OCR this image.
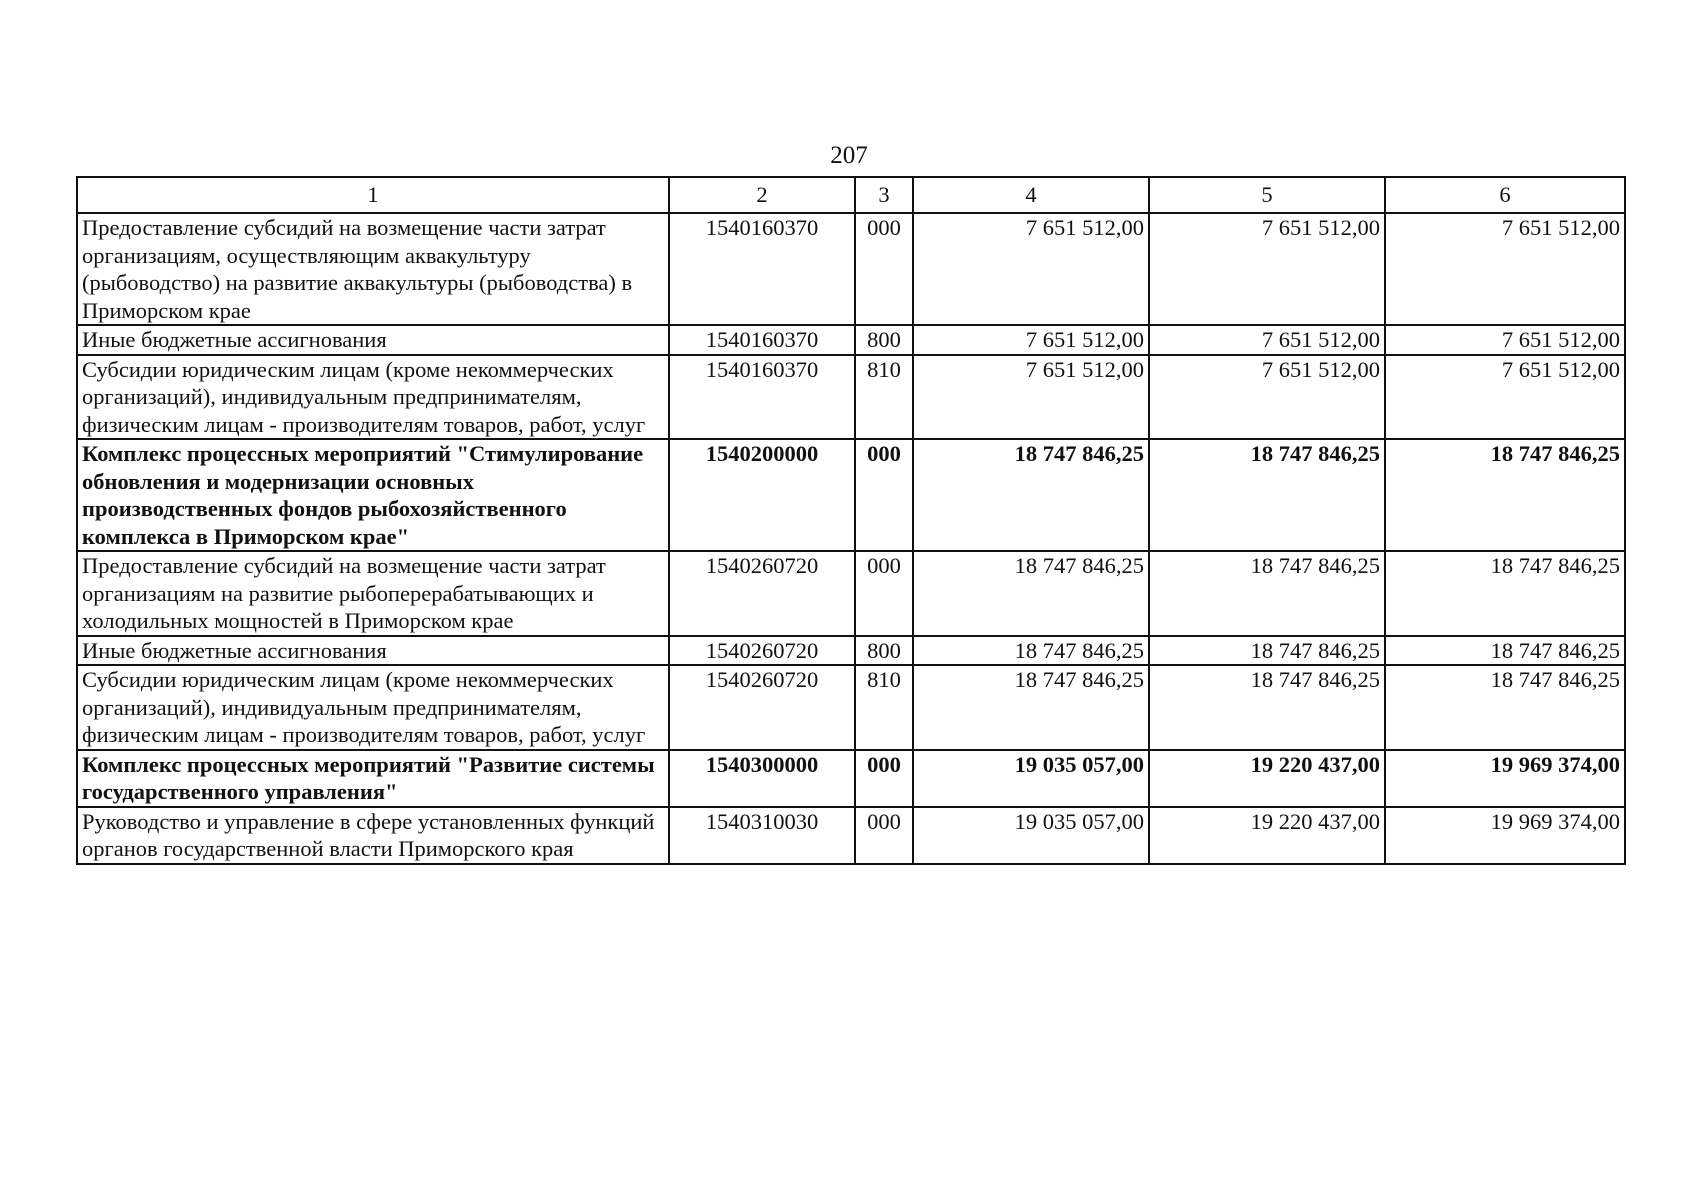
207
1	2	3	4	5	6
Предоставление субсидий на возмещение части затрат организациям, осуществляющим аквакультуру (рыбоводство) на развитие аквакультуры (рыбоводства) в Приморском крае	1540160370	000	7 651 512,00	7 651 512,00	7 651 512,00
Иные бюджетные ассигнования	1540160370	800	7 651 512,00	7 651 512,00	7 651 512,00
Субсидии юридическим лицам (кроме некоммерческих организаций), индивидуальным предпринимателям, физическим лицам - производителям товаров, работ, услуг	1540160370	810	7 651 512,00	7 651 512,00	7 651 512,00
Комплекс процессных мероприятий "Стимулирование обновления и модернизации основных производственных фондов рыбохозяйственного комплекса в Приморском крае"	1540200000	000	18 747 846,25	18 747 846,25	18 747 846,25
Предоставление субсидий на возмещение части затрат организациям на развитие рыбоперерабатывающих и холодильных мощностей в Приморском крае	1540260720	000	18 747 846,25	18 747 846,25	18 747 846,25
Иные бюджетные ассигнования	1540260720	800	18 747 846,25	18 747 846,25	18 747 846,25
Субсидии юридическим лицам (кроме некоммерческих организаций), индивидуальным предпринимателям, физическим лицам - производителям товаров, работ, услуг	1540260720	810	18 747 846,25	18 747 846,25	18 747 846,25
Комплекс процессных мероприятий "Развитие системы государственного управления"	1540300000	000	19 035 057,00	19 220 437,00	19 969 374,00
Руководство и управление в сфере установленных функций органов государственной власти Приморского края	1540310030	000	19 035 057,00	19 220 437,00	19 969 374,00
